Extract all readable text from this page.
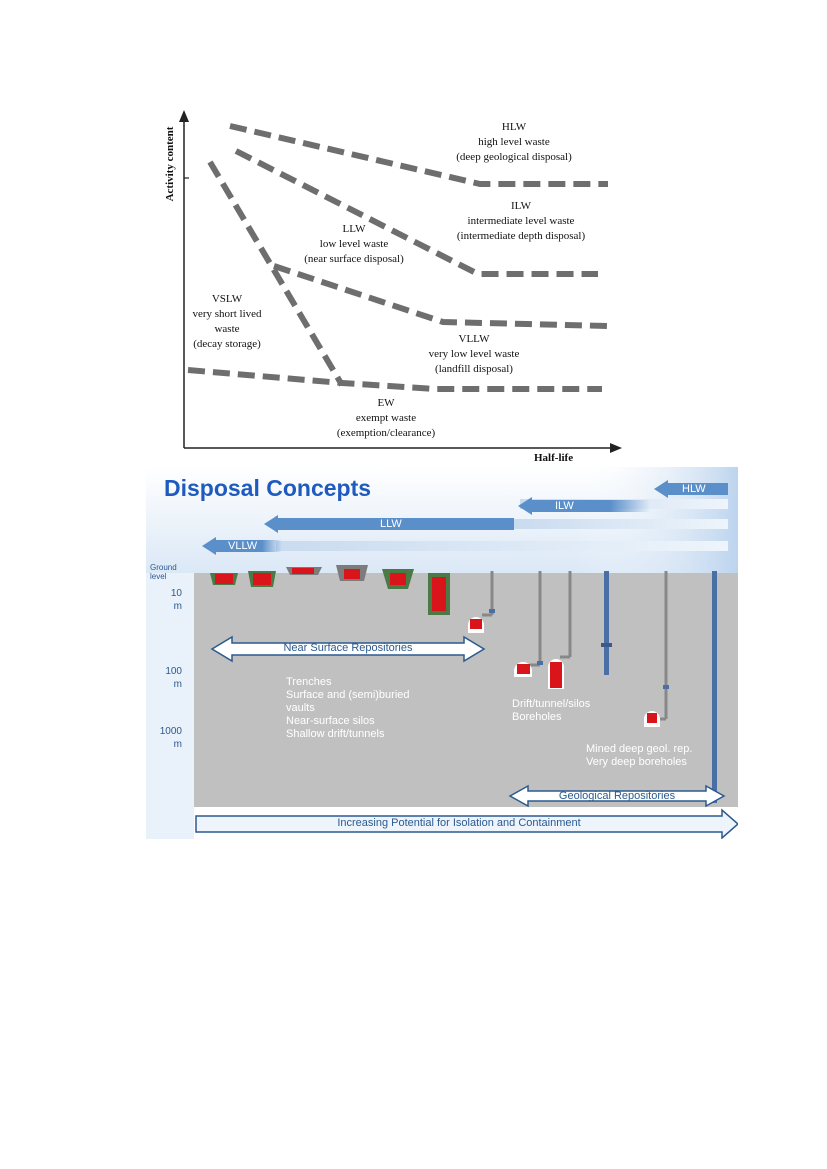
Activity content
Half-life
HLW
high level waste
(deep geological disposal)
ILW
intermediate level waste
(intermediate depth disposal)
LLW
low level waste
(near surface disposal)
VSLW
very short lived
waste
(decay storage)	VLLW
very low level waste
(landfill disposal)
EW
exempt waste
(exemption/clearance)
Disposal Concepts	HLW
ILW
LLW
VLLW
Ground level
10
m
100
m
1000
m
Near Surface Repositories
Trenches
Surface and (semi)buried vaults
Near-surface silos
Shallow drift/tunnels
Drift/tunnel/silos
Boreholes
Mined deep geol. rep.
Very deep boreholes
Geological Repositories
Increasing Potential for Isolation and Containment
